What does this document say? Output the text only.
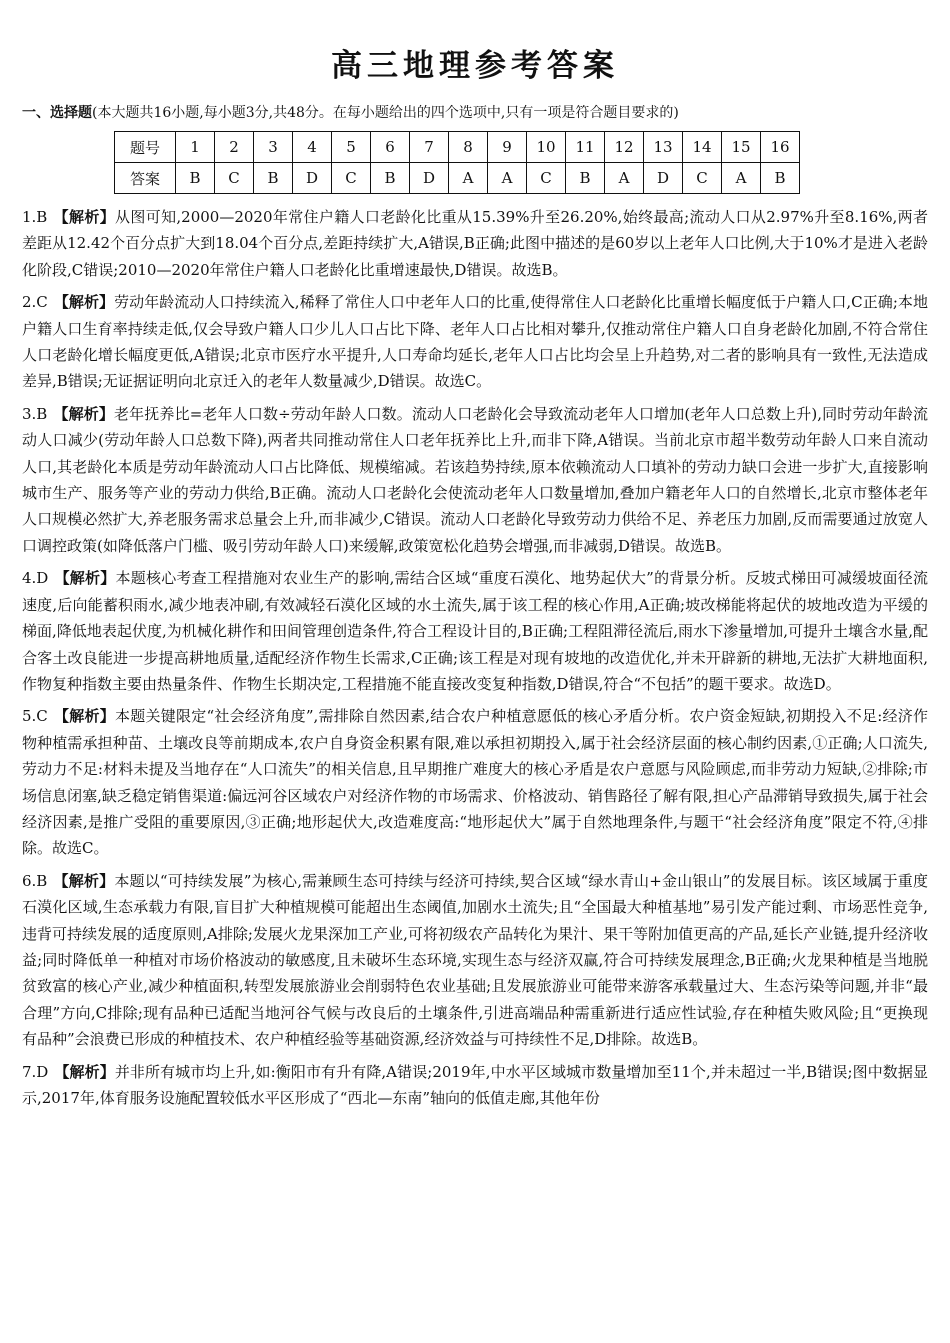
高三地理参考答案
一、选择题(本大题共16小题,每小题3分,共48分。在每小题给出的四个选项中,只有一项是符合题目要求的)
题号	1	2	3	4	5	6	7	8	9	10	11	12	13	14	15	16
答案	B	C	B	D	C	B	D	A	A	C	B	A	D	C	A	B

1.B 【解析】从图可知,2000—2020年常住户籍人口老龄化比重从15.39%升至26.20%,始终最高;流动人口从2.97%升至8.16%,两者差距从12.42个百分点扩大到18.04个百分点,差距持续扩大,A错误,B正确;此图中描述的是60岁以上老年人口比例,大于10%才是进入老龄化阶段,C错误;2010—2020年常住户籍人口老龄化比重增速最快,D错误。故选B。

2.C 【解析】劳动年龄流动人口持续流入,稀释了常住人口中老年人口的比重,使得常住人口老龄化比重增长幅度低于户籍人口,C正确;本地户籍人口生育率持续走低,仅会导致户籍人口少儿人口占比下降、老年人口占比相对攀升,仅推动常住户籍人口自身老龄化加剧,不符合常住人口老龄化增长幅度更低,A错误;北京市医疗水平提升,人口寿命均延长,老年人口占比均会呈上升趋势,对二者的影响具有一致性,无法造成差异,B错误;无证据证明向北京迁入的老年人数量减少,D错误。故选C。

3.B 【解析】老年抚养比=老年人口数÷劳动年龄人口数。流动人口老龄化会导致流动老年人口增加(老年人口总数上升),同时劳动年龄流动人口减少(劳动年龄人口总数下降),两者共同推动常住人口老年抚养比上升,而非下降,A错误。当前北京市超半数劳动年龄人口来自流动人口,其老龄化本质是劳动年龄流动人口占比降低、规模缩减。若该趋势持续,原本依赖流动人口填补的劳动力缺口会进一步扩大,直接影响城市生产、服务等产业的劳动力供给,B正确。流动人口老龄化会使流动老年人口数量增加,叠加户籍老年人口的自然增长,北京市整体老年人口规模必然扩大,养老服务需求总量会上升,而非减少,C错误。流动人口老龄化导致劳动力供给不足、养老压力加剧,反而需要通过放宽人口调控政策(如降低落户门槛、吸引劳动年龄人口)来缓解,政策宽松化趋势会增强,而非减弱,D错误。故选B。

4.D 【解析】本题核心考查工程措施对农业生产的影响,需结合区域“重度石漠化、地势起伏大”的背景分析。反坡式梯田可减缓坡面径流速度,后向能蓄积雨水,减少地表冲刷,有效减轻石漠化区域的水土流失,属于该工程的核心作用,A正确;坡改梯能将起伏的坡地改造为平缓的梯面,降低地表起伏度,为机械化耕作和田间管理创造条件,符合工程设计目的,B正确;工程阻滞径流后,雨水下渗量增加,可提升土壤含水量,配合客土改良能进一步提高耕地质量,适配经济作物生长需求,C正确;该工程是对现有坡地的改造优化,并未开辟新的耕地,无法扩大耕地面积,作物复种指数主要由热量条件、作物生长期决定,工程措施不能直接改变复种指数,D错误,符合“不包括”的题干要求。故选D。

5.C 【解析】本题关键限定“社会经济角度”,需排除自然因素,结合农户种植意愿低的核心矛盾分析。农户资金短缺,初期投入不足:经济作物种植需承担种苗、土壤改良等前期成本,农户自身资金积累有限,难以承担初期投入,属于社会经济层面的核心制约因素,①正确;人口流失,劳动力不足:材料未提及当地存在“人口流失”的相关信息,且早期推广难度大的核心矛盾是农户意愿与风险顾虑,而非劳动力短缺,②排除;市场信息闭塞,缺乏稳定销售渠道:偏远河谷区域农户对经济作物的市场需求、价格波动、销售路径了解有限,担心产品滞销导致损失,属于社会经济因素,是推广受阻的重要原因,③正确;地形起伏大,改造难度高:“地形起伏大”属于自然地理条件,与题干“社会经济角度”限定不符,④排除。故选C。

6.B 【解析】本题以“可持续发展”为核心,需兼顾生态可持续与经济可持续,契合区域“绿水青山+金山银山”的发展目标。该区域属于重度石漠化区域,生态承载力有限,盲目扩大种植规模可能超出生态阈值,加剧水土流失;且“全国最大种植基地”易引发产能过剩、市场恶性竞争,违背可持续发展的适度原则,A排除;发展火龙果深加工产业,可将初级农产品转化为果汁、果干等附加值更高的产品,延长产业链,提升经济收益;同时降低单一种植对市场价格波动的敏感度,且未破坏生态环境,实现生态与经济双赢,符合可持续发展理念,B正确;火龙果种植是当地脱贫致富的核心产业,减少种植面积,转型发展旅游业会削弱特色农业基础;且发展旅游业可能带来游客承载量过大、生态污染等问题,并非“最合理”方向,C排除;现有品种已适配当地河谷气候与改良后的土壤条件,引进高端品种需重新进行适应性试验,存在种植失败风险;且“更换现有品种”会浪费已形成的种植技术、农户种植经验等基础资源,经济效益与可持续性不足,D排除。故选B。

7.D 【解析】并非所有城市均上升,如:衡阳市有升有降,A错误;2019年,中水平区域城市数量增加至11个,并未超过一半,B错误;图中数据显示,2017年,体育服务设施配置较低水平区形成了“西北—东南”轴向的低值走廊,其他年份
